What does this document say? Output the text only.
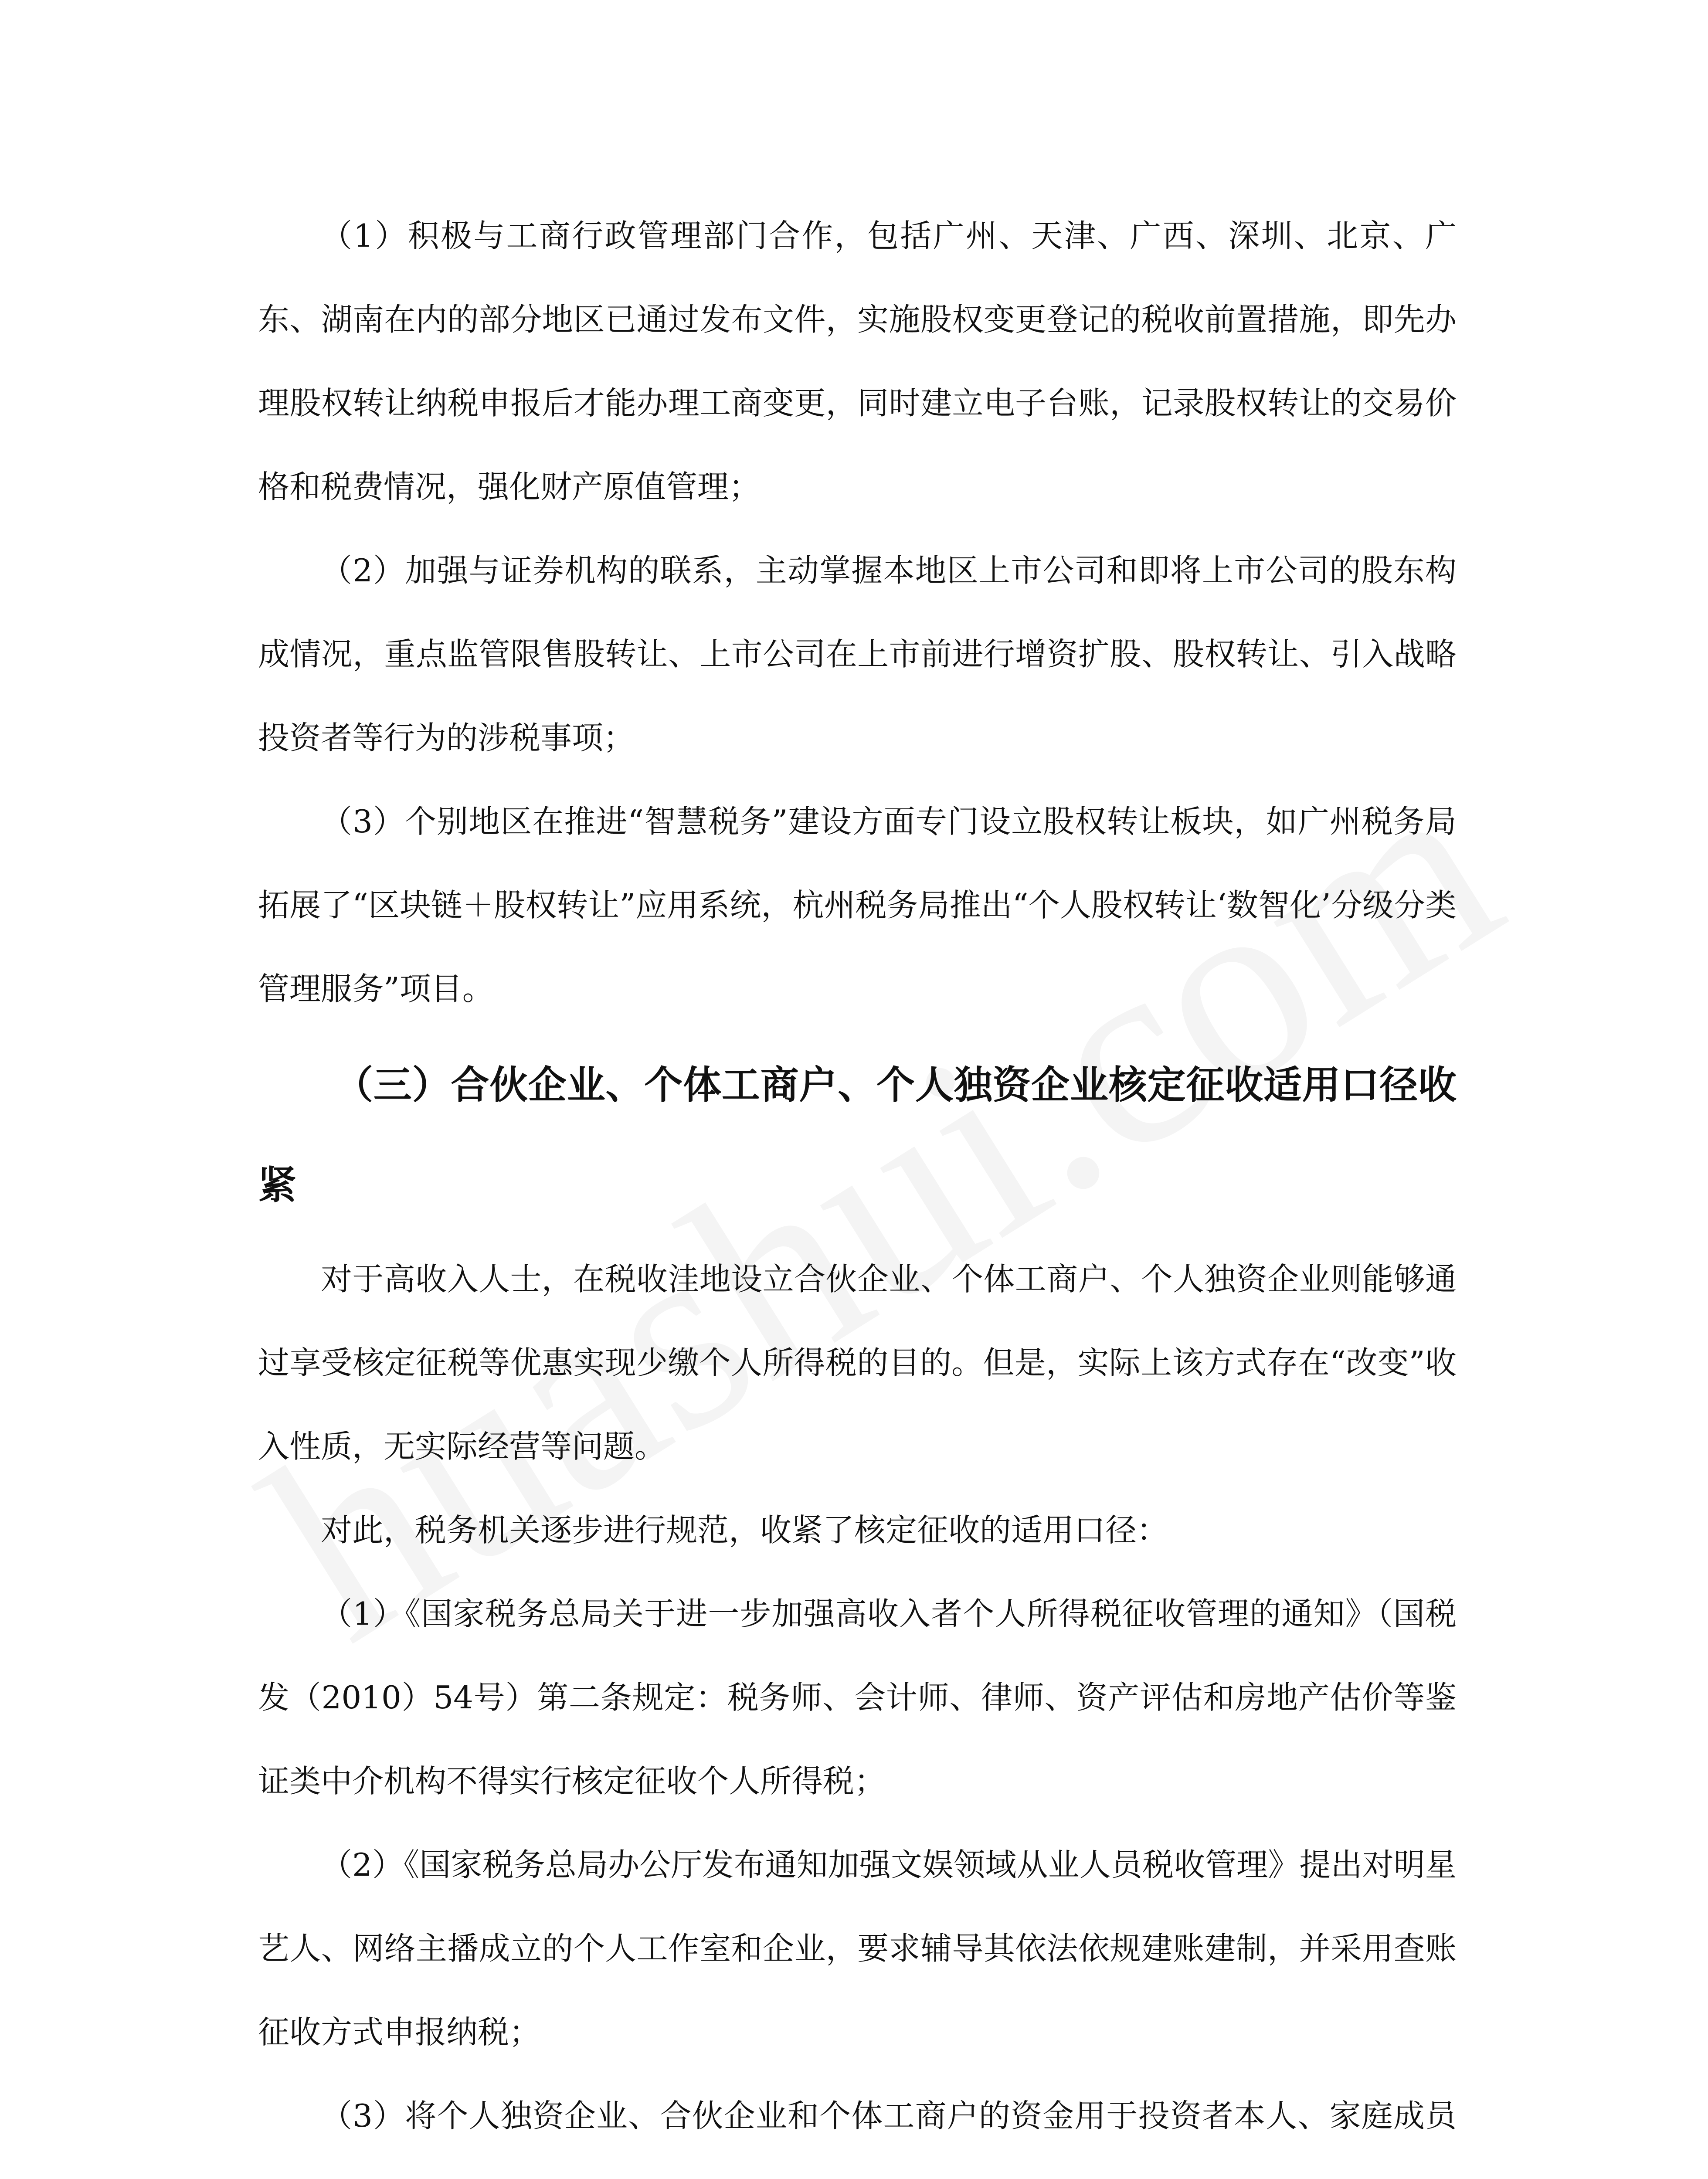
（1）积极与工商行政管理部门合作，包括广州、天津、广西、深圳、北京、广东、湖南在内的部分地区已通过发布文件，实施股权变更登记的税收前置措施，即先办理股权转让纳税申报后才能办理工商变更，同时建立电子台账，记录股权转让的交易价格和税费情况，强化财产原值管理；

（2）加强与证券机构的联系，主动掌握本地区上市公司和即将上市公司的股东构成情况，重点监管限售股转让、上市公司在上市前进行增资扩股、股权转让、引入战略投资者等行为的涉税事项；

（3）个别地区在推进“智慧税务”建设方面专门设立股权转让板块，如广州税务局拓展了“区块链＋股权转让”应用系统，杭州税务局推出“个人股权转让‘数智化’分级分类管理服务”项目。

（三）合伙企业、个体工商户、个人独资企业核定征收适用口径收紧

对于高收入人士，在税收洼地设立合伙企业、个体工商户、个人独资企业则能够通过享受核定征税等优惠实现少缴个人所得税的目的。但是，实际上该方式存在“改变”收入性质，无实际经营等问题。

对此，税务机关逐步进行规范，收紧了核定征收的适用口径：

（1）《国家税务总局关于进一步加强高收入者个人所得税征收管理的通知》（国税发（2010）54号）第二条规定：税务师、会计师、律师、资产评估和房地产估价等鉴证类中介机构不得实行核定征收个人所得税；

（2）《国家税务总局办公厅发布通知加强文娱领域从业人员税收管理》提出对明星艺人、网络主播成立的个人工作室和企业，要求辅导其依法依规建账建制，并采用查账征收方式申报纳税；

（3）将个人独资企业、合伙企业和个体工商户的资金用于投资者本人、家庭成员
